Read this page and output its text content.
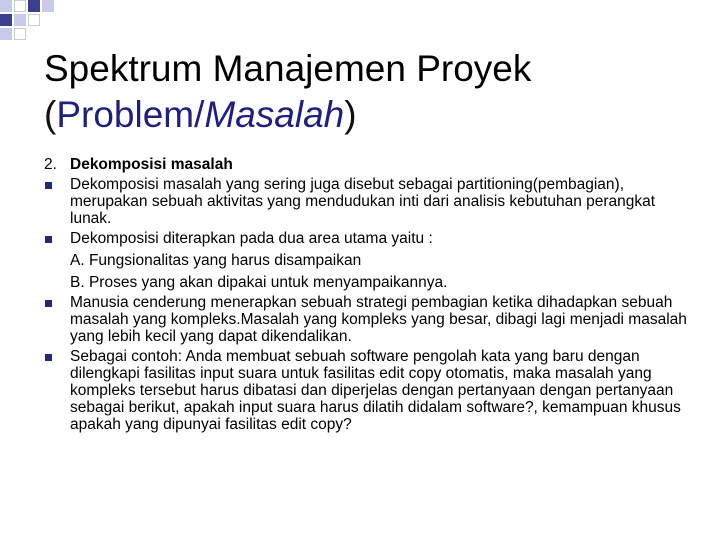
Spektrum Manajemen Proyek
(Problem/Masalah)
2. Dekomposisi masalah
Dekomposisi masalah yang sering juga disebut sebagai partitioning(pembagian), merupakan sebuah aktivitas yang mendudukan inti dari analisis kebutuhan perangkat lunak.
Dekomposisi diterapkan pada dua area utama yaitu :
A. Fungsionalitas yang harus disampaikan
B. Proses yang akan dipakai untuk menyampaikannya.
Manusia cenderung menerapkan sebuah strategi pembagian ketika dihadapkan sebuah masalah yang kompleks.Masalah yang kompleks yang besar, dibagi lagi menjadi masalah yang lebih kecil yang dapat dikendalikan.
Sebagai contoh: Anda membuat sebuah software pengolah kata yang baru dengan dilengkapi fasilitas input suara untuk fasilitas edit copy otomatis, maka masalah yang kompleks tersebut harus dibatasi dan diperjelas dengan pertanyaan dengan pertanyaan sebagai berikut, apakah input suara harus dilatih didalam software?, kemampuan khusus apakah yang dipunyai fasilitas edit copy?
